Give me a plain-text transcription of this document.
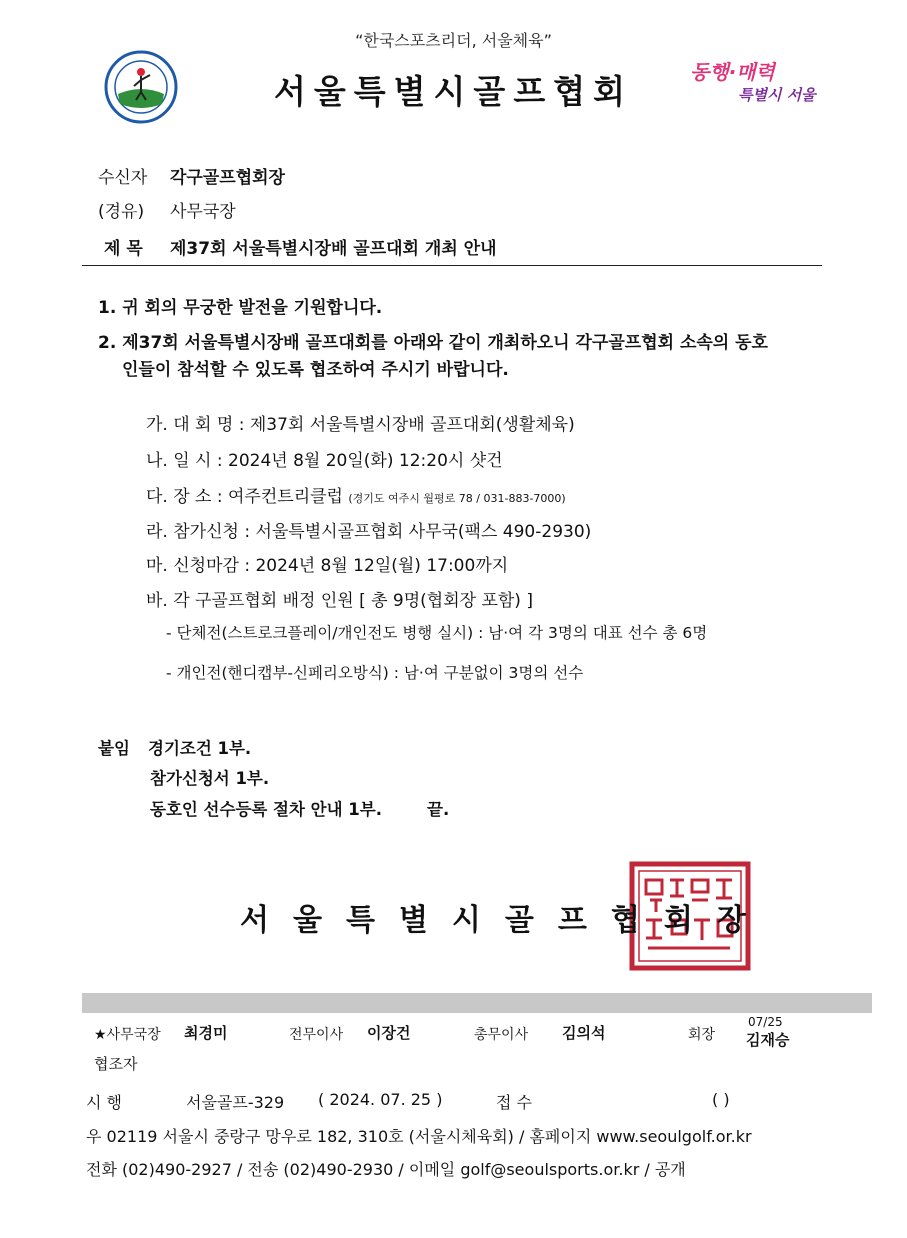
“한국스포츠리더, 서울체육”
서울특별시골프협회	동행·매력
특별시 서울
수신자 각구골프협회장
(경유) 사무국장
제 목 제37회 서울특별시장배 골프대회 개최 안내
1. 귀 회의 무궁한 발전을 기원합니다.
2. 제37회 서울특별시장배 골프대회를 아래와 같이 개최하오니 각구골프협회 소속의 동호
인들이 참석할 수 있도록 협조하여 주시기 바랍니다.
가. 대 회 명 : 제37회 서울특별시장배 골프대회(생활체육)
나. 일 시 : 2024년 8월 20일(화) 12:20시 샷건
다. 장 소 : 여주컨트리클럽 (경기도 여주시 월평로 78 / 031-883-7000)
라. 참가신청 : 서울특별시골프협회 사무국(팩스 490-2930)
마. 신청마감 : 2024년 8월 12일(월) 17:00까지
바. 각 구골프협회 배정 인원 [ 총 9명(협회장 포함) ]
- 단체전(스트로크플레이/개인전도 병행 실시) : 남·여 각 3명의 대표 선수 총 6명
- 개인전(핸디캡부-신페리오방식) : 남·여 구분없이 3명의 선수
붙임 경기조건 1부.
참가신청서 1부.
동호인 선수등록 절차 안내 1부.	끝.
서울특별시골프협회장
★사무국장 최경미	전무이사 이장건	총무이사 김의석	회장
07/25
김재승
협조자
시 행	서울골프-329 ( 2024. 07. 25 )	접 수	( )
우 02119 서울시 중랑구 망우로 182, 310호 (서울시체육회) / 홈페이지 www.seoulgolf.or.kr
전화 (02)490-2927 / 전송 (02)490-2930 / 이메일 golf@seoulsports.or.kr / 공개
